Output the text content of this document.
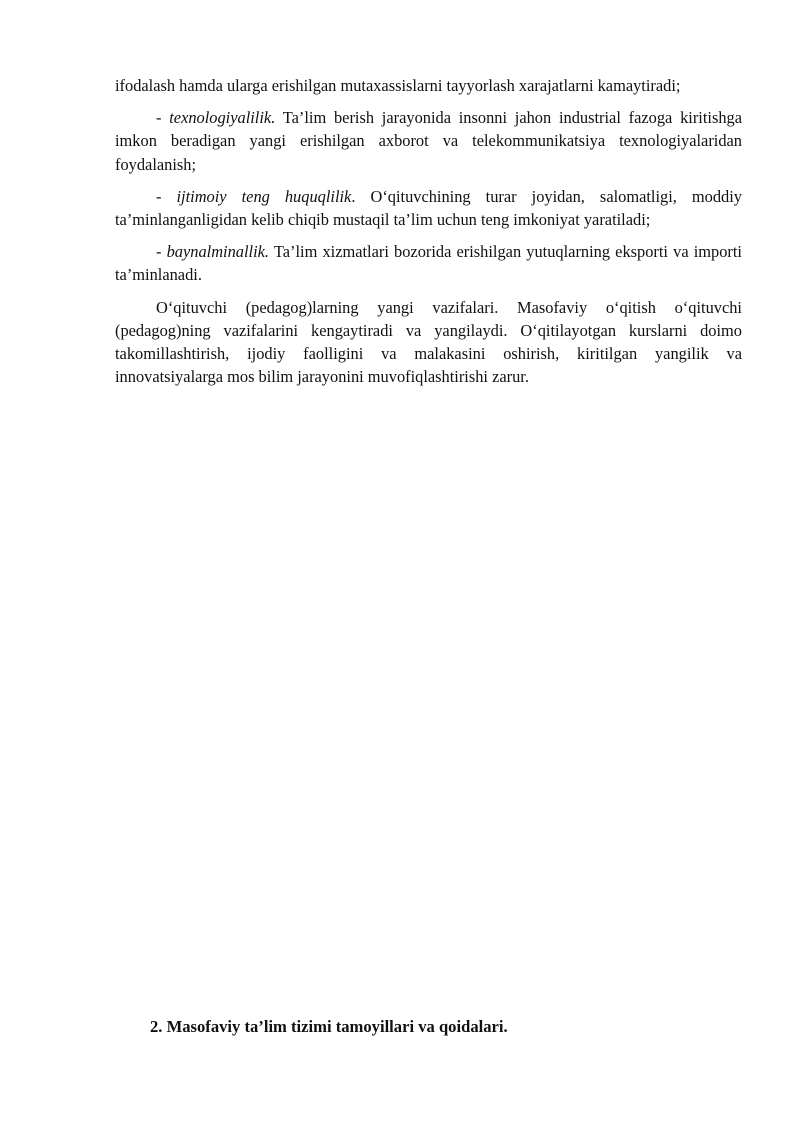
ifodalash hamda ularga erishilgan mutaxassislarni tayyorlash xarajatlarni kamaytiradi;

- texnologiyalilik. Ta’lim berish jarayonida insonni jahon industrial fazoga kiritishga imkon beradigan yangi erishilgan axborot va telekommunikatsiya texnologiyalaridan foydalanish;

- ijtimoiy teng huquqlilik. O‘qituvchining turar joyidan, salomatligi, moddiy ta’minlanganligidan kelib chiqib mustaqil ta’lim uchun teng imkoniyat yaratiladi;

- baynalminallik. Ta’lim xizmatlari bozorida erishilgan yutuqlarning eksporti va importi ta’minlanadi.

O‘qituvchi (pedagog)larning yangi vazifalari. Masofaviy o‘qitish o‘qituvchi (pedagog)ning vazifalarini kengaytiradi va yangilaydi. O‘qitilayotgan kurslarni doimo takomillashtirish, ijodiy faolligini va malakasini oshirish, kiritilgan yangilik va innovatsiyalarga mos bilim jarayonini muvofiqlashtirishi zarur.

2. Masofaviy ta’lim tizimi tamoyillari va qoidalari.
